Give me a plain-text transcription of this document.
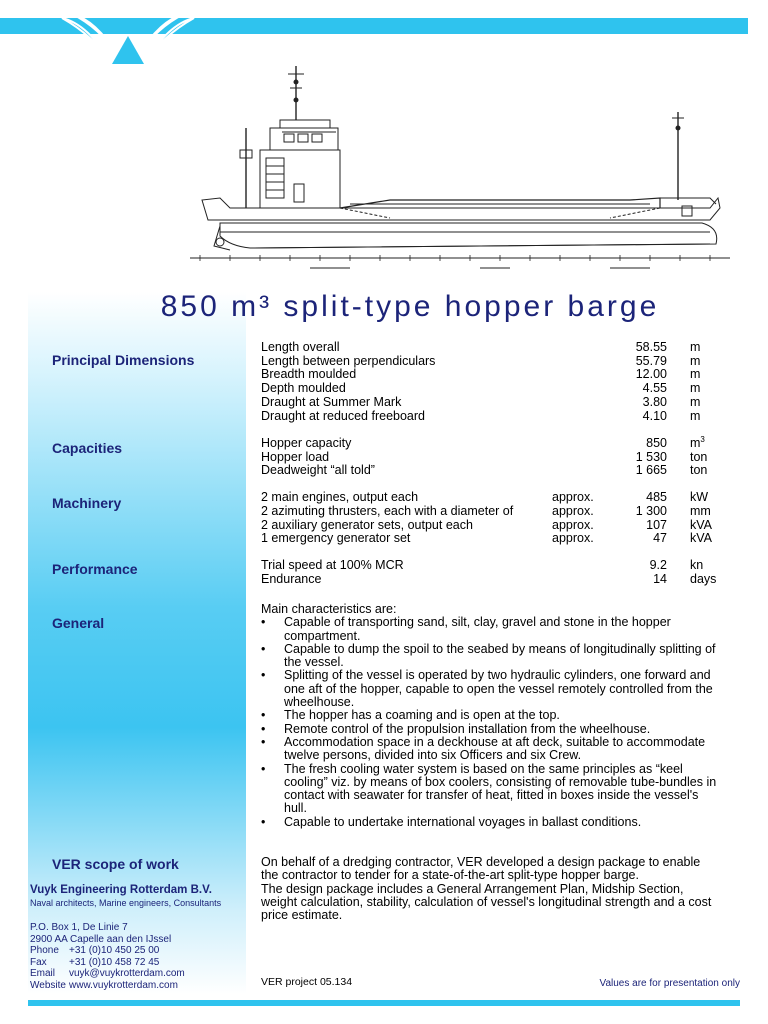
850 m³ split-type hopper barge
Principal Dimensions
Capacities
Machinery
Performance
General
VER scope of work
Length overall	58.55 m
Length between perpendiculars	55.79 m
Breadth moulded	12.00 m
Depth moulded	4.55 m
Draught at Summer Mark	3.80 m
Draught at reduced freeboard	4.10 m
Hopper capacity	850 $m^3$
Hopper load	1 530 ton
Deadweight “all told”	1 665 ton
2 main engines, output each	approx.	485 kW
2 azimuting thrusters, each with a diameter of	approx.	1 300 mm
2 auxiliary generator sets, output each	approx.	107 kVA
1 emergency generator set	approx.	47 kVA
Trial speed at 100% MCR	9.2 kn
Endurance	14 days
Main characteristics are:
• Capable of transporting sand, silt, clay, gravel and stone in the hopper compartment.
• Capable to dump the spoil to the seabed by means of longitudinally splitting of the vessel.
• Splitting of the vessel is operated by two hydraulic cylinders, one forward and one aft of the hopper, capable to open the vessel remotely controlled from the wheelhouse.
• The hopper has a coaming and is open at the top.
• Remote control of the propulsion installation from the wheelhouse.
• Accommodation space in a deckhouse at aft deck, suitable to accommodate twelve persons, divided into six Officers and six Crew.
• The fresh cooling water system is based on the same principles as “keel cooling” viz. by means of box coolers, consisting of removable tube-bundles in contact with seawater for transfer of heat, fitted in boxes inside the vessel's hull.
• Capable to undertake international voyages in ballast conditions.
On behalf of a dredging contractor, VER developed a design package to enable the contractor to tender for a state-of-the-art split-type hopper barge.
The design package includes a General Arrangement Plan, Midship Section, weight calculation, stability, calculation of vessel's longitudinal strength and a cost price estimate.
Vuyk Engineering Rotterdam B.V.
Naval architects, Marine engineers, Consultants
P.O. Box 1, De Linie 7
2900 AA Capelle aan den IJssel
Phone +31 (0)10 450 25 00
Fax +31 (0)10 458 72 45
Email vuyk@vuykrotterdam.com
Website www.vuykrotterdam.com	VER project 05.134	Values are for presentation only
